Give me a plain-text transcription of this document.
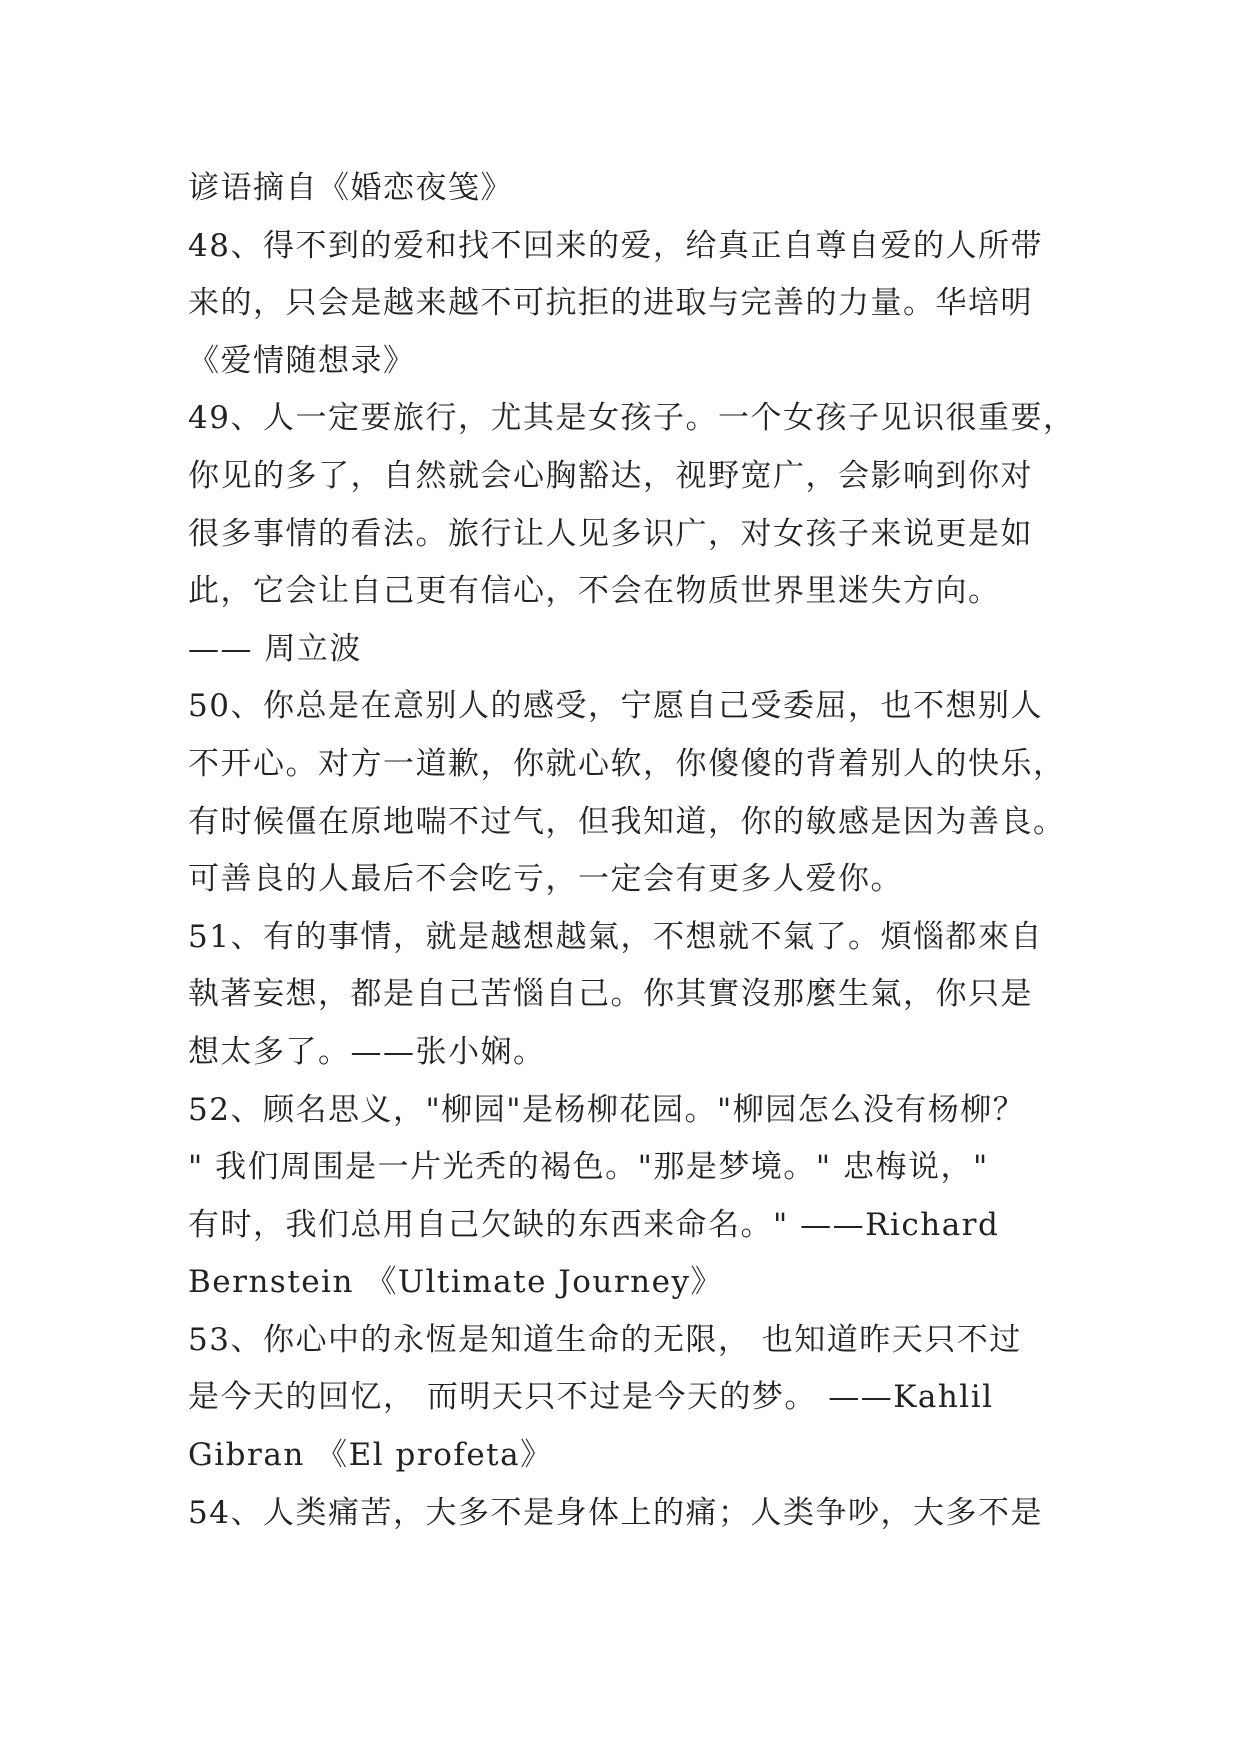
谚语摘自《婚恋夜笺》
48、得不到的爱和找不回来的爱，给真正自尊自爱的人所带
来的，只会是越来越不可抗拒的进取与完善的力量。华培明
《爱情随想录》
49、人一定要旅行，尤其是女孩子。一个女孩子见识很重要，
你见的多了，自然就会心胸豁达，视野宽广，会影响到你对
很多事情的看法。旅行让人见多识广，对女孩子来说更是如
此，它会让自己更有信心，不会在物质世界里迷失方向。
—— 周立波
50、你总是在意别人的感受，宁愿自己受委屈，也不想别人
不开心。对方一道歉，你就心软，你傻傻的背着别人的快乐，
有时候僵在原地喘不过气，但我知道，你的敏感是因为善良。
可善良的人最后不会吃亏，一定会有更多人爱你。
51、有的事情，就是越想越氣，不想就不氣了。煩惱都來自
執著妄想，都是自己苦惱自己。你其實沒那麼生氣，你只是
想太多了。——张小娴。
52、顾名思义，"柳园"是杨柳花园。"柳园怎么没有杨柳？
" 我们周围是一片光秃的褐色。"那是梦境。" 忠梅说，"
有时，我们总用自己欠缺的东西来命名。" ——Richard
Bernstein 《Ultimate Journey》
53、你心中的永恆是知道生命的无限， 也知道昨天只不过
是今天的回忆， 而明天只不过是今天的梦。 ——Kahlil
Gibran 《El profeta》
54、人类痛苦，大多不是身体上的痛；人类争吵，大多不是
